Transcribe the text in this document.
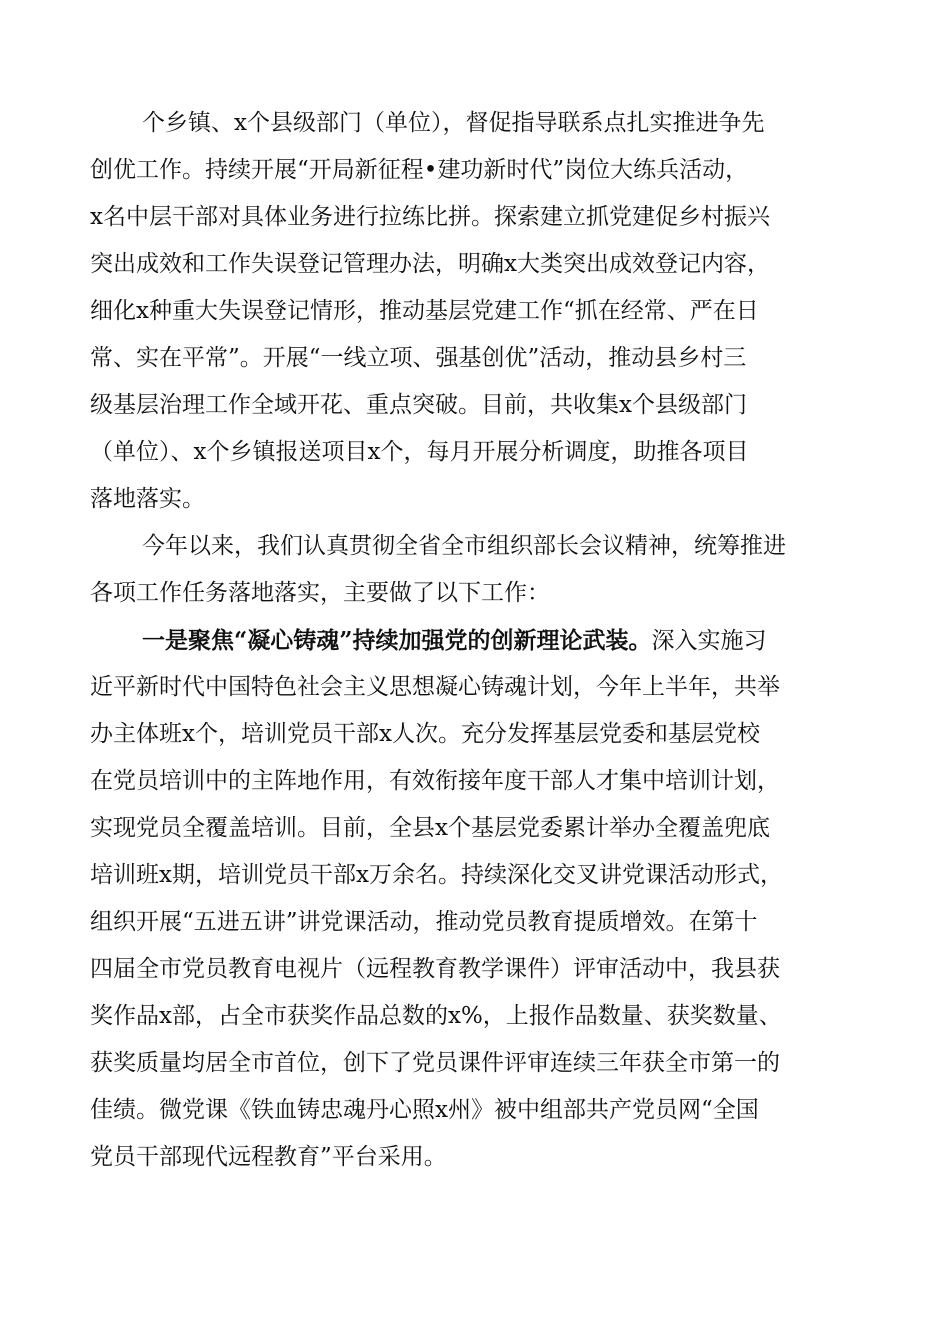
个乡镇、x个县级部门（单位），督促指导联系点扎实推进争先
创优工作。持续开展“开局新征程•建功新时代”岗位大练兵活动，
x名中层干部对具体业务进行拉练比拼。探索建立抓党建促乡村振兴
突出成效和工作失误登记管理办法，明确x大类突出成效登记内容，
细化x种重大失误登记情形，推动基层党建工作“抓在经常、严在日
常、实在平常”。开展“一线立项、强基创优”活动，推动县乡村三
级基层治理工作全域开花、重点突破。目前，共收集x个县级部门
（单位）、x个乡镇报送项目x个，每月开展分析调度，助推各项目
落地落实。
今年以来，我们认真贯彻全省全市组织部长会议精神，统筹推进
各项工作任务落地落实，主要做了以下工作：
一是聚焦“凝心铸魂”持续加强党的创新理论武装。深入实施习
近平新时代中国特色社会主义思想凝心铸魂计划，今年上半年，共举
办主体班x个，培训党员干部x人次。充分发挥基层党委和基层党校
在党员培训中的主阵地作用，有效衔接年度干部人才集中培训计划，
实现党员全覆盖培训。目前，全县x个基层党委累计举办全覆盖兜底
培训班x期，培训党员干部x万余名。持续深化交叉讲党课活动形式，
组织开展“五进五讲”讲党课活动，推动党员教育提质增效。在第十
四届全市党员教育电视片（远程教育教学课件）评审活动中，我县获
奖作品x部，占全市获奖作品总数的x%，上报作品数量、获奖数量、
获奖质量均居全市首位，创下了党员课件评审连续三年获全市第一的
佳绩。微党课《铁血铸忠魂丹心照x州》被中组部共产党员网“全国
党员干部现代远程教育”平台采用。
